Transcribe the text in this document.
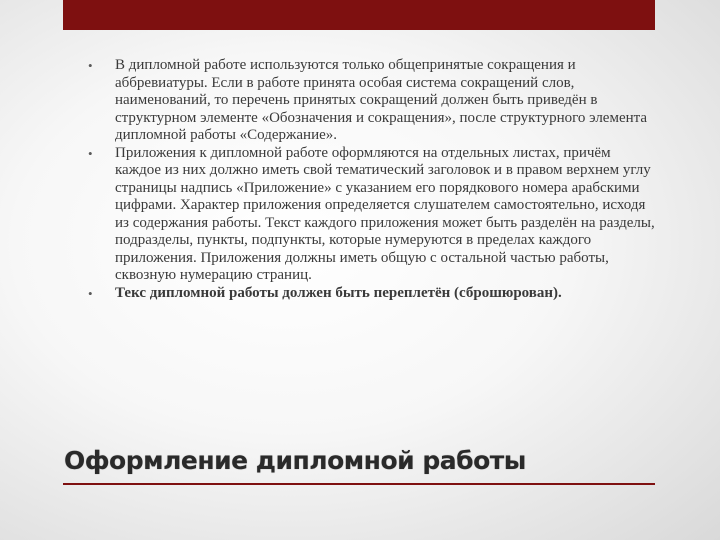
• В дипломной работе используются только общепринятые сокращения и аббревиатуры. Если в работе принята особая система сокращений слов, наименований, то перечень принятых сокращений должен быть приведён в структурном элементе «Обозначения и сокращения», после структурного элемента дипломной работы «Содержание».
• Приложения к дипломной работе оформляются на отдельных листах, причём каждое из них должно иметь свой тематический заголовок и в правом верхнем углу страницы надпись «Приложение» с указанием его порядкового номера арабскими цифрами. Характер приложения определяется слушателем самостоятельно, исходя из содержания работы. Текст каждого приложения может быть разделён на разделы, подразделы, пункты, подпункты, которые нумеруются в пределах каждого приложения. Приложения должны иметь общую с остальной частью работы, сквозную нумерацию страниц.
• Текс дипломной работы должен быть переплетён (сброшюрован).
Оформление дипломной работы
